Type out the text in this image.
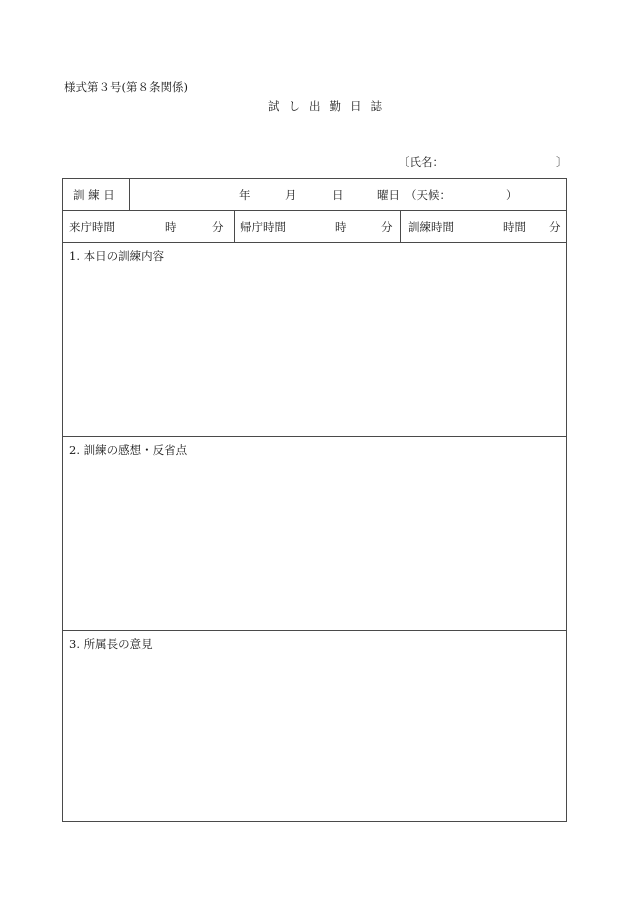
様式第３号(第８条関係)
試 し 出 勤 日 誌
〔氏名：	〕
訓 練 日	年	月	日	曜日 （天候：	）
来庁時間	時	分 帰庁時間	時	分 訓練時間	時間 分
1. 本日の訓練内容
2. 訓練の感想・反省点
3. 所属長の意見
